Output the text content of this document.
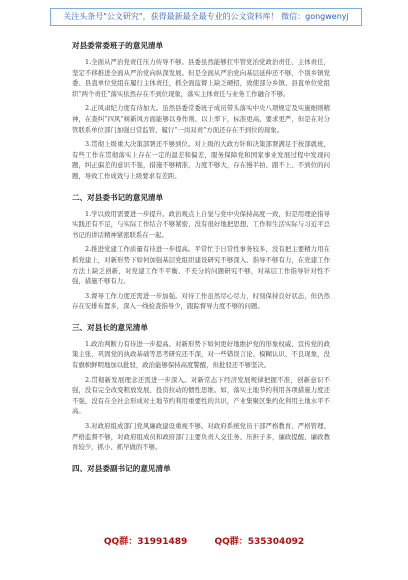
关注头条号"公文研究"，获得最新最全最专业的公文资料库！ 微信：gongwenyj
对县委常委班子的意见清单

1.全面从严治党责任压力传导不够。县委虽然能够扛牢管党治党政治责任、主体责任，坚定不移推进全面从严治党向纵深发展。但是全面从严治党向基层延伸还不够，个别乡镇党委、县直单位党组在履行主体责任，抓全面监督上缺乏硬招，致使部分乡镇、县直单位党组织“两个责任”落实依然存在不到位现象，落实主体责任与业务工作融合不够。

2.正风肃纪力度有待加大。虽然县委常委班子成员带头落实中央八项规定及实施细则精神，在查纠“四风”树新风方面能够以身作则、以上率下，标准更高、要求更严，但是在对分管联系单位部门加强日常监管、履行“一岗双责”方面还存在不到位的现象。

3.贯彻上级重大决策部署还不够到位。对上级的大政方针和决策部署满足于按部就班，有些工作在贯彻落实上存在一定的温差和偏差，服务保障党和国家事业发展过程中发现问题，纠正偏差的意识不强，措施不够精准，力度不够大，存在慢半拍、跟不上、不到位的问题，导致工作成效与上级要求有差距。

二、对县委书记的意见清单

1.学以致用需要进一步提升。政治观点上自觉与党中央保持高度一致，但是用理论指导实践还有不足，与实际工作结合不够紧密，没有很好地把思想、工作和生活实际与习近平总书记的讲话精神紧密联系在一起。

2.推进党建工作质量有待进一步提高。平常忙于日常性事务较多，没有把主要精力用在抓党建上，对新形势下如何加强基层党组织建设研究不够深入、指导不够有力，在党建工作方法上缺乏创新，对党建工作不平衡、不充分的问题研究不够，对基层工作指导针对性不强，措施不够有力。

3.督导工作力度还需进一步加强。对待工作虽然尽心尽力，时刻保持良好状态，但仍然存在安排布置多，深入一线检查指导少，跟踪督导力度不够的问题。

三、对县长的意见清单

1.政治判断力有待进一步提高。对新形势下如何更好地维护党的形象权威、宣传党的政策主张、巩固党的执政基础等思考研究还不深，对一些错误言论、模糊认识、不良现象，没有旗帜鲜明地加以批驳，政治能够保持高度警醒，但批驳还不够坚决。

2.贯彻新发展理念还需进一步深入。对新常态下经济发展规律把握不准，创新意识不强，没有完全改变粗放发展、投资拉动的惯性思维。如，落实土地节约利用各项措施力度还不强，没有在全社会形成对土地节约利用重要性的共识，产业集聚区集约化利用土地水平不高。

3.对政府组成部门党风廉政建设重视不够。对政府系统党员干部严格教育、严格管理、严格监督不够，对政府组成员和政府部门主要负责人交任务、压担子多，廉政提醒、廉政教育较少，抓小、抓早做的不够。

四、对县委副书记的意见清单
QQ群：31991489	QQ群：535304092
